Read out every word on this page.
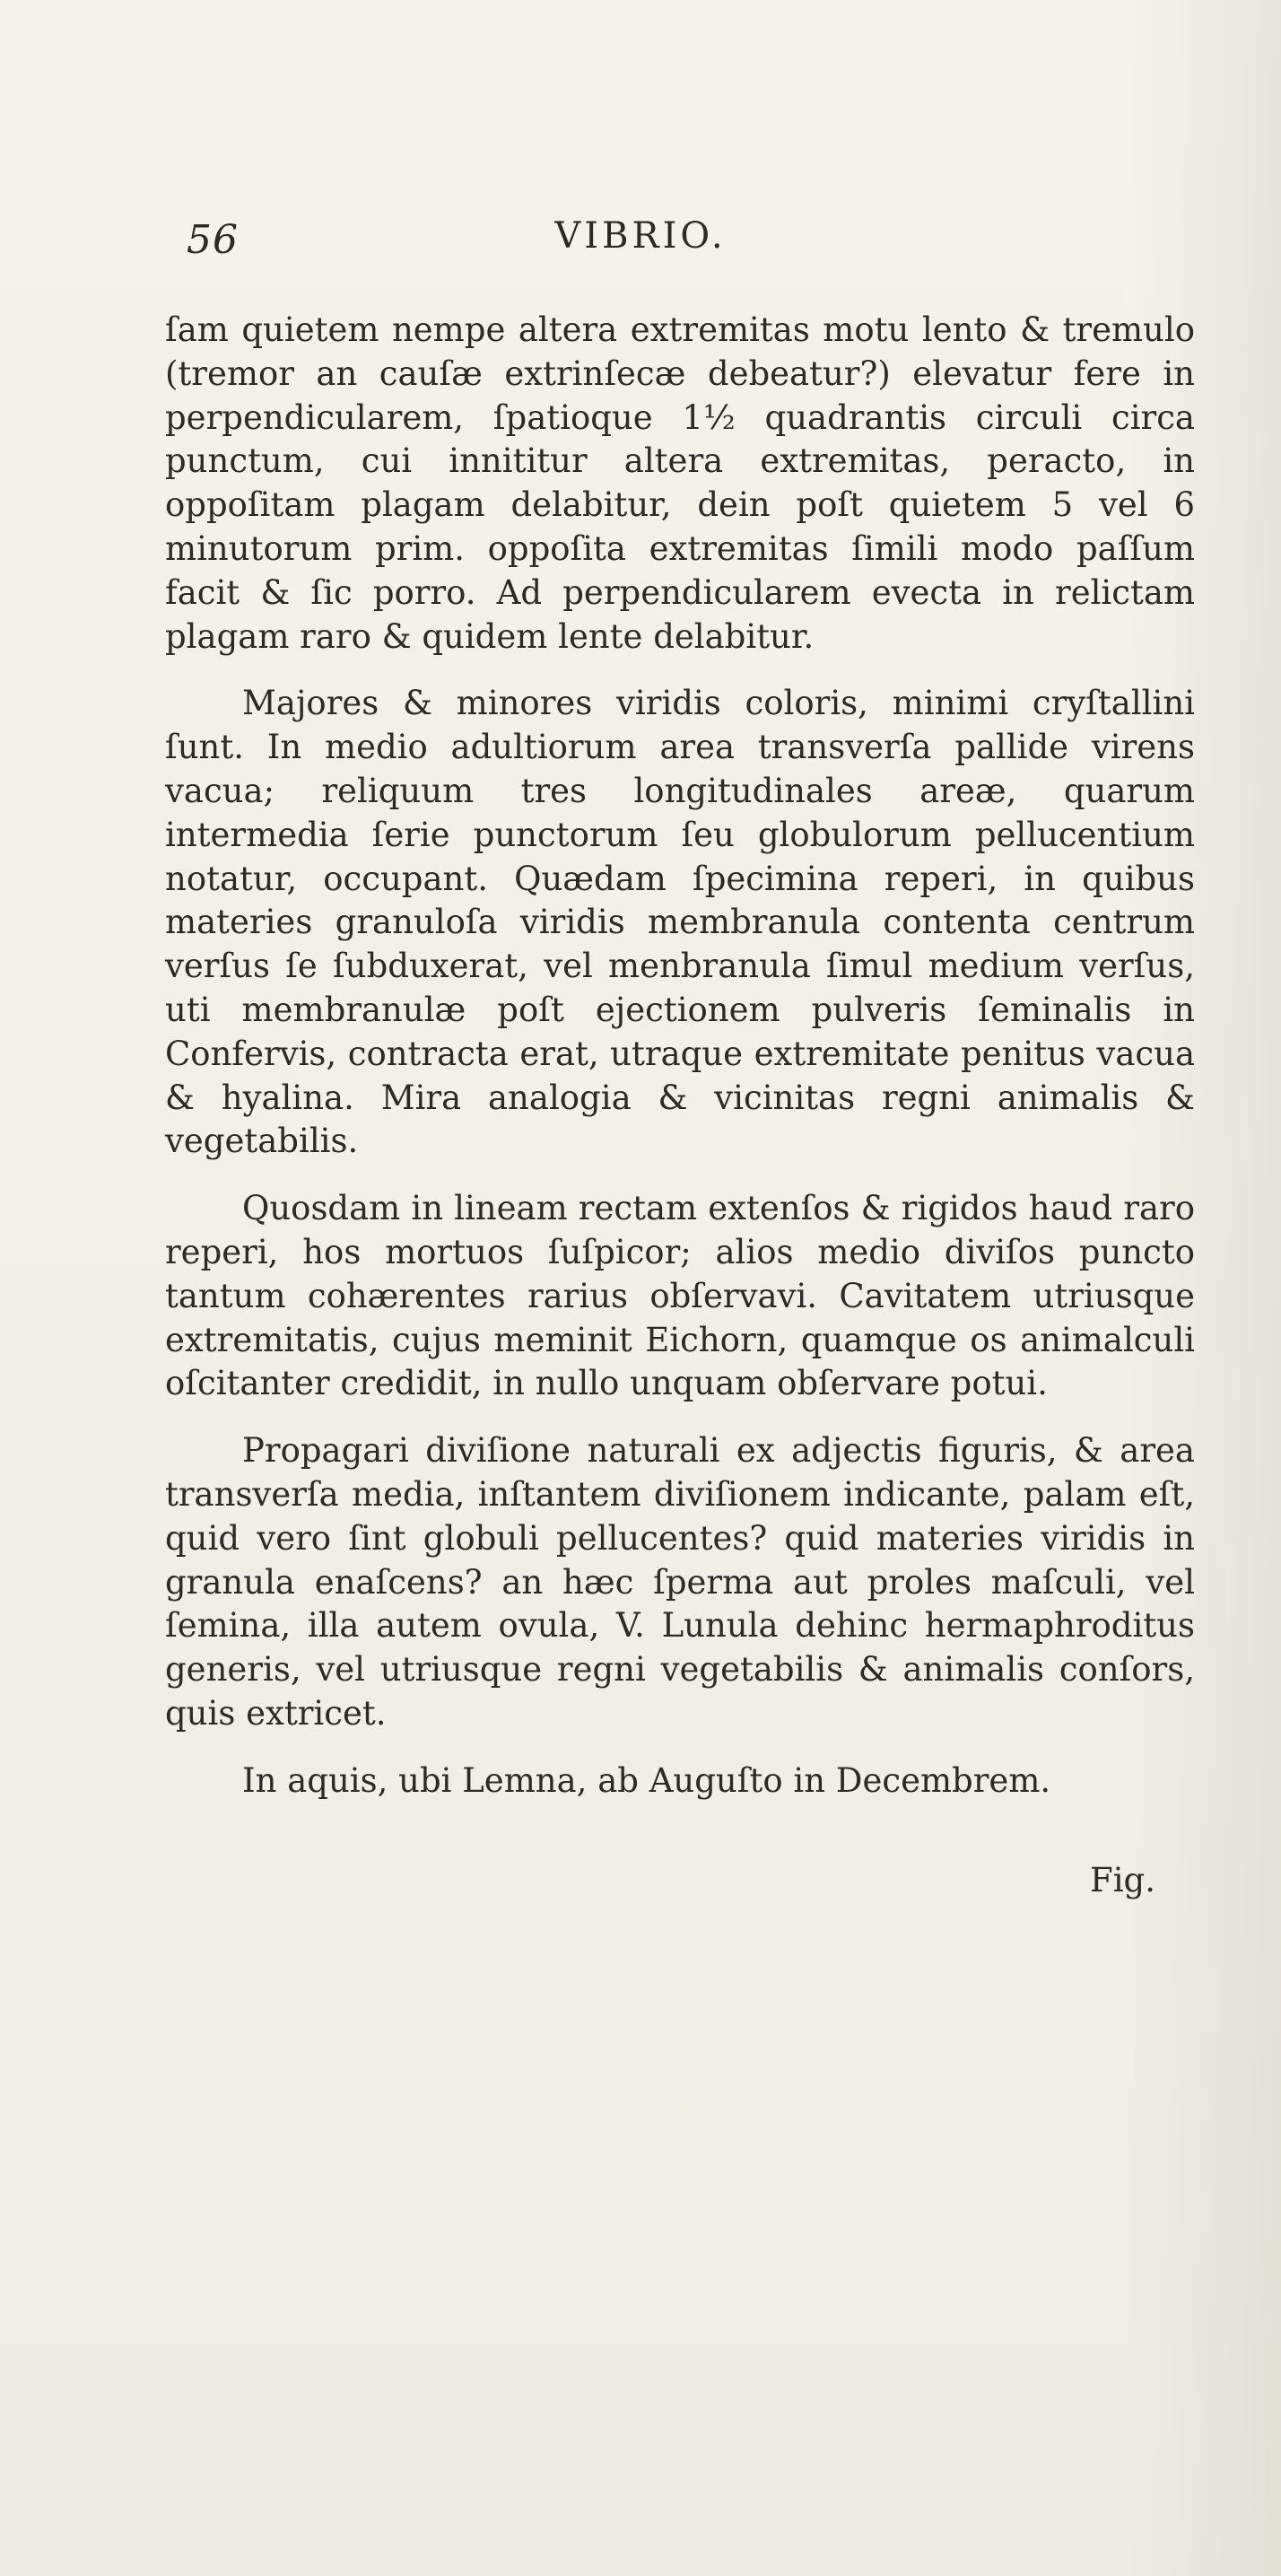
56	VIBRIO.

ſam quietem nempe altera extremitas motu lento & tremulo (tremor an cauſæ extrinſecæ debeatur?) elevatur fere in perpendicularem, ſpatioque 1½ quadrantis circuli circa punctum, cui innititur altera extremitas, peracto, in oppoſitam plagam delabitur, dein poſt quietem 5 vel 6 minutorum prim. oppoſita extremitas ſimili modo paſſum facit & ſic porro. Ad perpendicularem evecta in relictam plagam raro & quidem lente delabitur.

Majores & minores viridis coloris, minimi cryſtallini ſunt. In medio adultiorum area transverſa pallide virens vacua; reliquum tres longitudinales areæ, quarum intermedia ſerie punctorum ſeu globulorum pellucentium notatur, occupant. Quædam ſpecimina reperi, in quibus materies granuloſa viridis membranula contenta centrum verſus ſe ſubduxerat, vel menbranula ſimul medium verſus, uti membranulæ poſt ejectionem pulveris ſeminalis in Confervis, contracta erat, utraque extremitate penitus vacua & hyalina. Mira analogia & vicinitas regni animalis & vegetabilis.

Quosdam in lineam rectam extenſos & rigidos haud raro reperi, hos mortuos ſuſpicor; alios medio diviſos puncto tantum cohærentes rarius obſervavi. Cavitatem utriusque extremitatis, cujus meminit Eichorn, quamque os animalculi oſcitanter credidit, in nullo unquam obſervare potui.

Propagari diviſione naturali ex adjectis figuris, & area transverſa media, inſtantem diviſionem indicante, palam eſt, quid vero ſint globuli pellucentes? quid materies viridis in granula enaſcens? an hæc ſperma aut proles maſculi, vel ſemina, illa autem ovula, V. Lunula dehinc hermaphroditus generis, vel utriusque regni vegetabilis & animalis conſors, quis extricet.

In aquis, ubi Lemna, ab Auguſto in Decembrem.

Fig.
